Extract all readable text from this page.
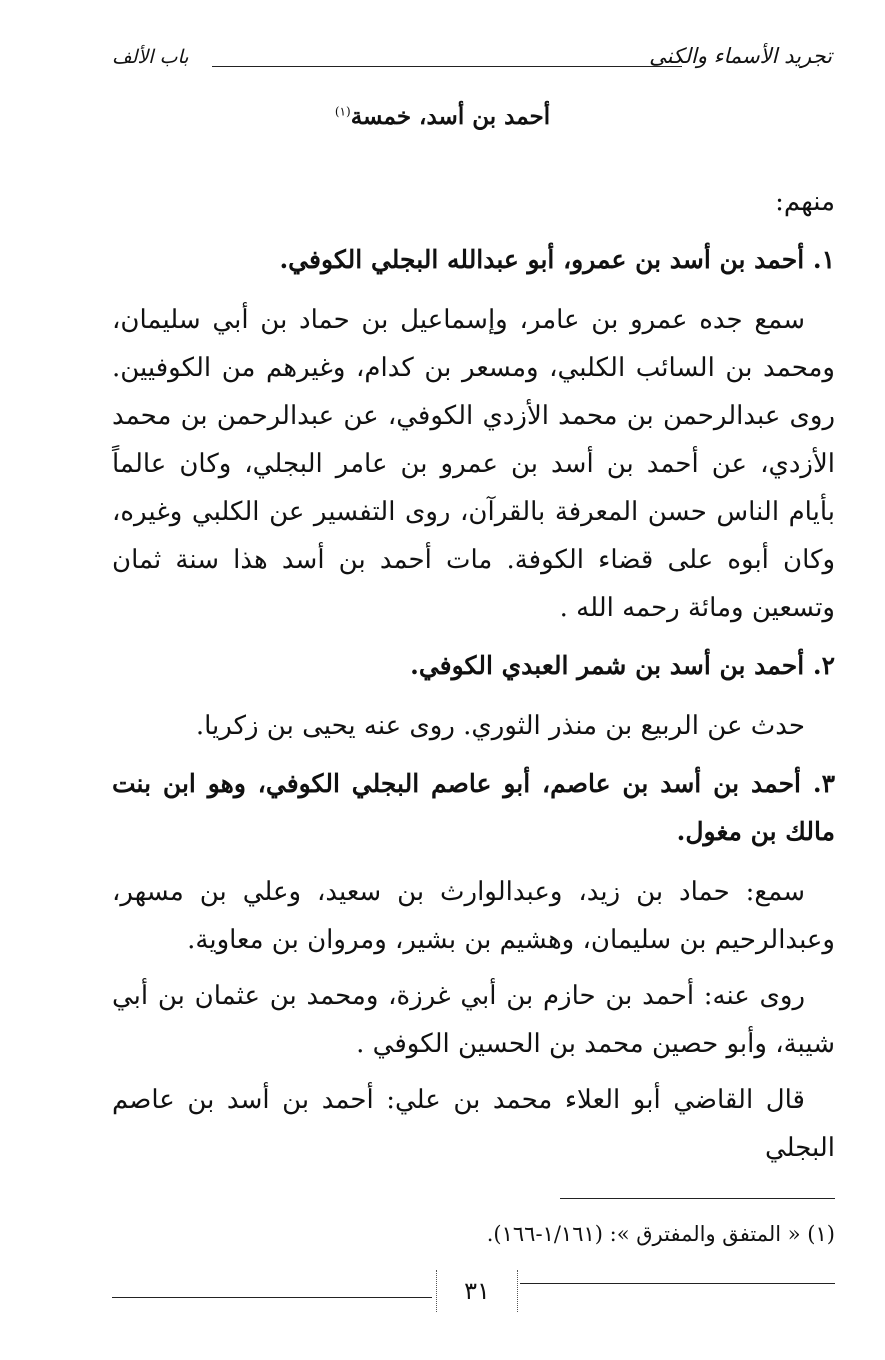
تجريد الأسماء والكنى
باب الألف
أحمد بن أسد، خمسة$^{(١)}$

منهم:

١. أحمد بن أسد بن عمرو، أبو عبدالله البجلي الكوفي.

سمع جده عمرو بن عامر، وإسماعيل بن حماد بن أبي سليمان، ومحمد بن السائب الكلبي، ومسعر بن كدام، وغيرهم من الكوفيين. روى عبدالرحمن بن محمد الأزدي الكوفي، عن عبدالرحمن بن محمد الأزدي، عن أحمد بن أسد بن عمرو بن عامر البجلي، وكان عالماً بأيام الناس حسن المعرفة بالقرآن، روى التفسير عن الكلبي وغيره، وكان أبوه على قضاء الكوفة. مات أحمد بن أسد هذا سنة ثمان وتسعين ومائة رحمه الله .

٢. أحمد بن أسد بن شمر العبدي الكوفي.

حدث عن الربيع بن منذر الثوري. روى عنه يحيى بن زكريا.

٣. أحمد بن أسد بن عاصم، أبو عاصم البجلي الكوفي، وهو ابن بنت مالك بن مغول.

سمع: حماد بن زيد، وعبدالوارث بن سعيد، وعلي بن مسهر، وعبدالرحيم بن سليمان، وهشيم بن بشير، ومروان بن معاوية.

روى عنه: أحمد بن حازم بن أبي غرزة، ومحمد بن عثمان بن أبي شيبة، وأبو حصين محمد بن الحسين الكوفي .

قال القاضي أبو العلاء محمد بن علي: أحمد بن أسد بن عاصم البجلي

(١) « المتفق والمفترق »: (١/١٦١-١٦٦).
٣١
